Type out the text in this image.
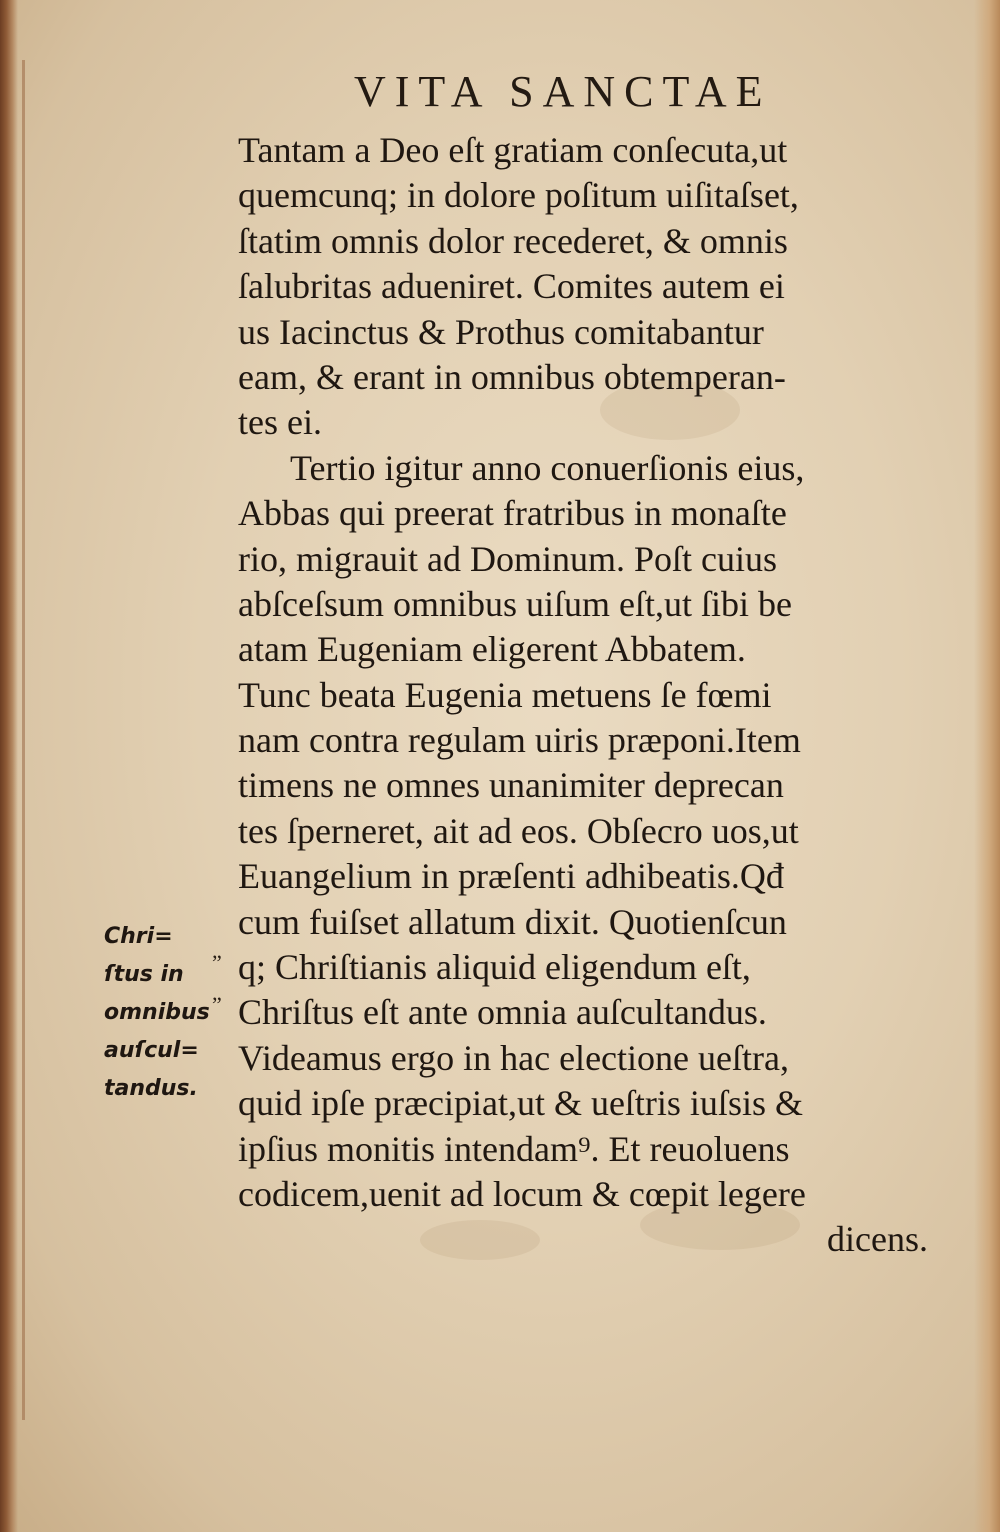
VITA SANCTAE
Tantam a Deo eſt gratiam conſecuta,ut
quemcunq; in dolore poſitum uiſitaſset,
ſtatim omnis dolor recederet, & omnis
ſalubritas adueniret. Comites autem ei
us Iacinctus & Prothus comitabantur
eam, & erant in omnibus obtemperan-
tes ei.
Tertio igitur anno conuerſionis eius,
Abbas qui preerat fratribus in monaſte
rio, migrauit ad Dominum. Poſt cuius
abſceſsum omnibus uiſum eſt,ut ſibi be
atam Eugeniam eligerent Abbatem.
Tunc beata Eugenia metuens ſe fœmi
nam contra regulam uiris præponi.Item
timens ne omnes unanimiter deprecan
tes ſperneret, ait ad eos. Obſecro uos,ut
Euangelium in præſenti adhibeatis.Qđ
cum fuiſset allatum dixit. Quotienſcun
q; Chriſtianis aliquid eligendum eſt,
Chriſtus eſt ante omnia auſcultandus.
Videamus ergo in hac electione ueſtra,
quid ipſe præcipiat,ut & ueſtris iuſsis &
ipſius monitis intendam⁹. Et reuoluens
codicem,uenit ad locum & cœpit legere
dicens.
Chri=
ſtus in
omnibus
auſcul=
tandus.
„
„
